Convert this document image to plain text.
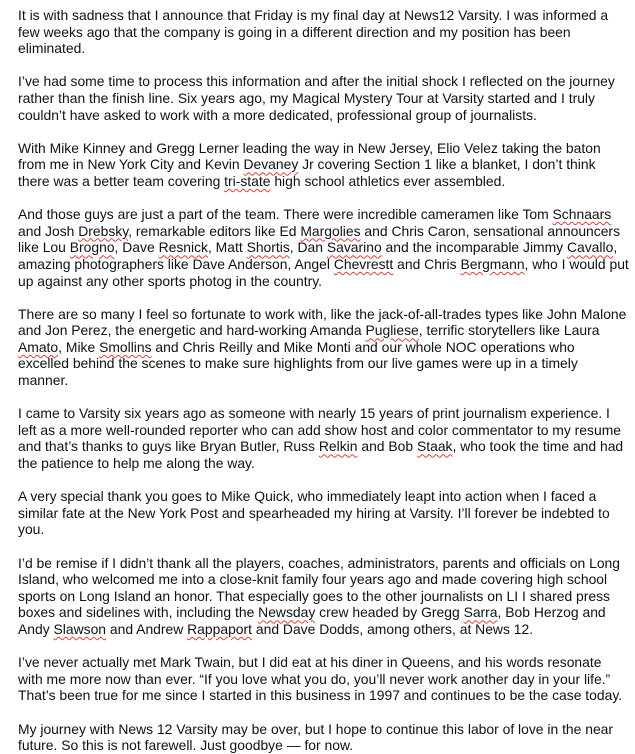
It is with sadness that I announce that Friday is my final day at News12 Varsity. I was informed a few weeks ago that the company is going in a different direction and my position has been eliminated.

I’ve had some time to process this information and after the initial shock I reflected on the journey rather than the finish line. Six years ago, my Magical Mystery Tour at Varsity started and I truly couldn’t have asked to work with a more dedicated, professional group of journalists.

With Mike Kinney and Gregg Lerner leading the way in New Jersey, Elio Velez taking the baton from me in New York City and Kevin Devaney Jr covering Section 1 like a blanket, I don’t think there was a better team covering tri-state high school athletics ever assembled.

And those guys are just a part of the team. There were incredible cameramen like Tom Schnaars and Josh Drebsky, remarkable editors like Ed Margolies and Chris Caron, sensational announcers like Lou Brogno, Dave Resnick, Matt Shortis, Dan Savarino and the incomparable Jimmy Cavallo, amazing photographers like Dave Anderson, Angel Chevrestt and Chris Bergmann, who I would put up against any other sports photog in the country.

There are so many I feel so fortunate to work with, like the jack-of-all-trades types like John Malone and Jon Perez, the energetic and hard-working Amanda Pugliese, terrific storytellers like Laura Amato, Mike Smollins and Chris Reilly and Mike Monti and our whole NOC operations who excelled behind the scenes to make sure highlights from our live games were up in a timely manner.

I came to Varsity six years ago as someone with nearly 15 years of print journalism experience. I left as a more well-rounded reporter who can add show host and color commentator to my resume and that’s thanks to guys like Bryan Butler, Russ Relkin and Bob Staak, who took the time and had the patience to help me along the way.

A very special thank you goes to Mike Quick, who immediately leapt into action when I faced a similar fate at the New York Post and spearheaded my hiring at Varsity. I’ll forever be indebted to you.

I’d be remise if I didn’t thank all the players, coaches, administrators, parents and officials on Long Island, who welcomed me into a close-knit family four years ago and made covering high school sports on Long Island an honor. That especially goes to the other journalists on LI I shared press boxes and sidelines with, including the Newsday crew headed by Gregg Sarra, Bob Herzog and Andy Slawson and Andrew Rappaport and Dave Dodds, among others, at News 12.

I’ve never actually met Mark Twain, but I did eat at his diner in Queens, and his words resonate with me more now than ever. “If you love what you do, you’ll never work another day in your life.” That’s been true for me since I started in this business in 1997 and continues to be the case today.

My journey with News 12 Varsity may be over, but I hope to continue this labor of love in the near future. So this is not farewell. Just goodbye — for now.
